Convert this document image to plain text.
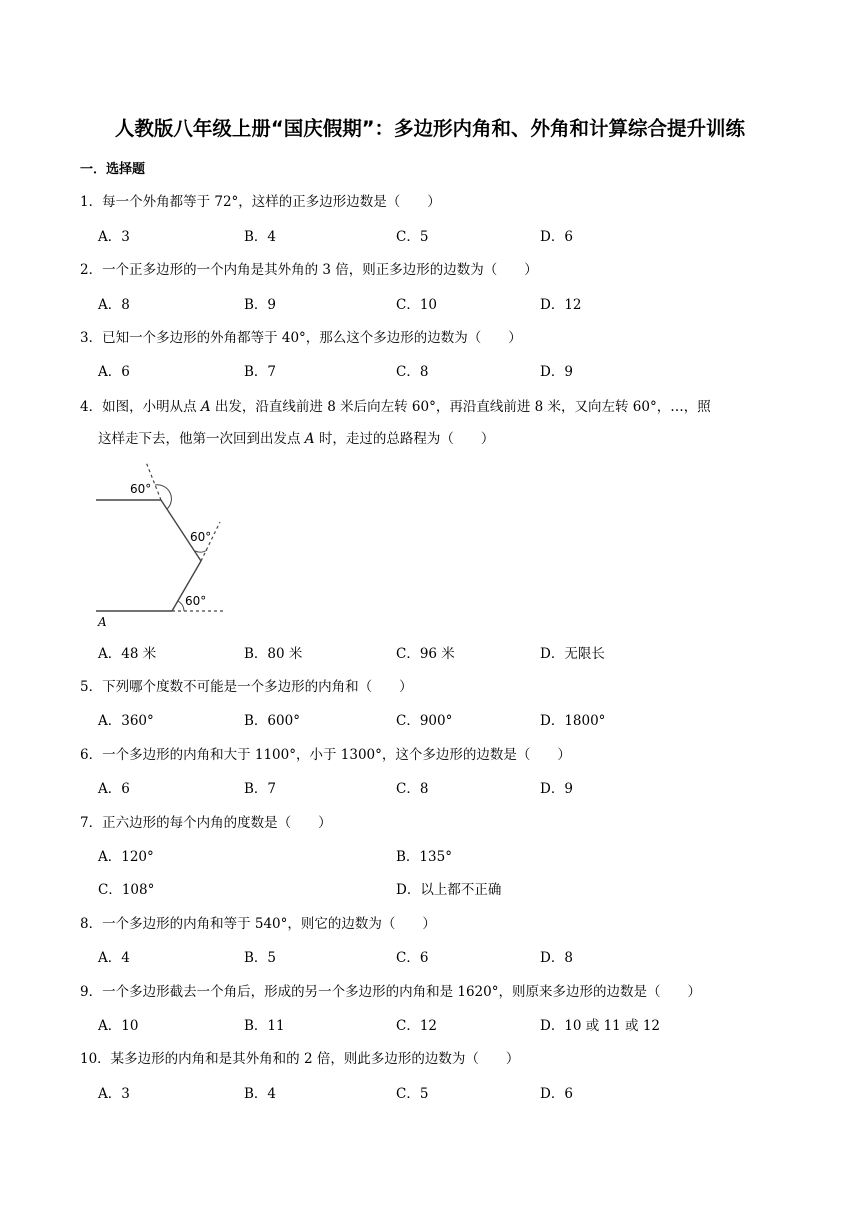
人教版八年级上册“国庆假期”：多边形内角和、外角和计算综合提升训练
一．选择题
1．每一个外角都等于 72°，这样的正多边形边数是（　　）
A．3	B．4	C．5	D．6
2．一个正多边形的一个内角是其外角的 3 倍，则正多边形的边数为（　　）
A．8	B．9	C．10	D．12
3．已知一个多边形的外角都等于 40°，那么这个多边形的边数为（　　）
A．6	B．7	C．8	D．9
4．如图，小明从点 A 出发，沿直线前进 8 米后向左转 60°，再沿直线前进 8 米，又向左转 60°，…，照
这样走下去，他第一次回到出发点 A 时，走过的总路程为（　　）
60°
60°
60°
A
A．48 米	B．80 米	C．96 米	D．无限长
5．下列哪个度数不可能是一个多边形的内角和（　　）
A．360°	B．600°	C．900°	D．1800°
6．一个多边形的内角和大于 1100°，小于 1300°，这个多边形的边数是（　　）
A．6	B．7	C．8	D．9
7．正六边形的每个内角的度数是（　　）
A．120°	B．135°
C．108°	D．以上都不正确
8．一个多边形的内角和等于 540°，则它的边数为（　　）
A．4	B．5	C．6	D．8
9．一个多边形截去一个角后，形成的另一个多边形的内角和是 1620°，则原来多边形的边数是（　　）
A．10	B．11	C．12	D．10 或 11 或 12
10．某多边形的内角和是其外角和的 2 倍，则此多边形的边数为（　　）
A．3	B．4	C．5	D．6
